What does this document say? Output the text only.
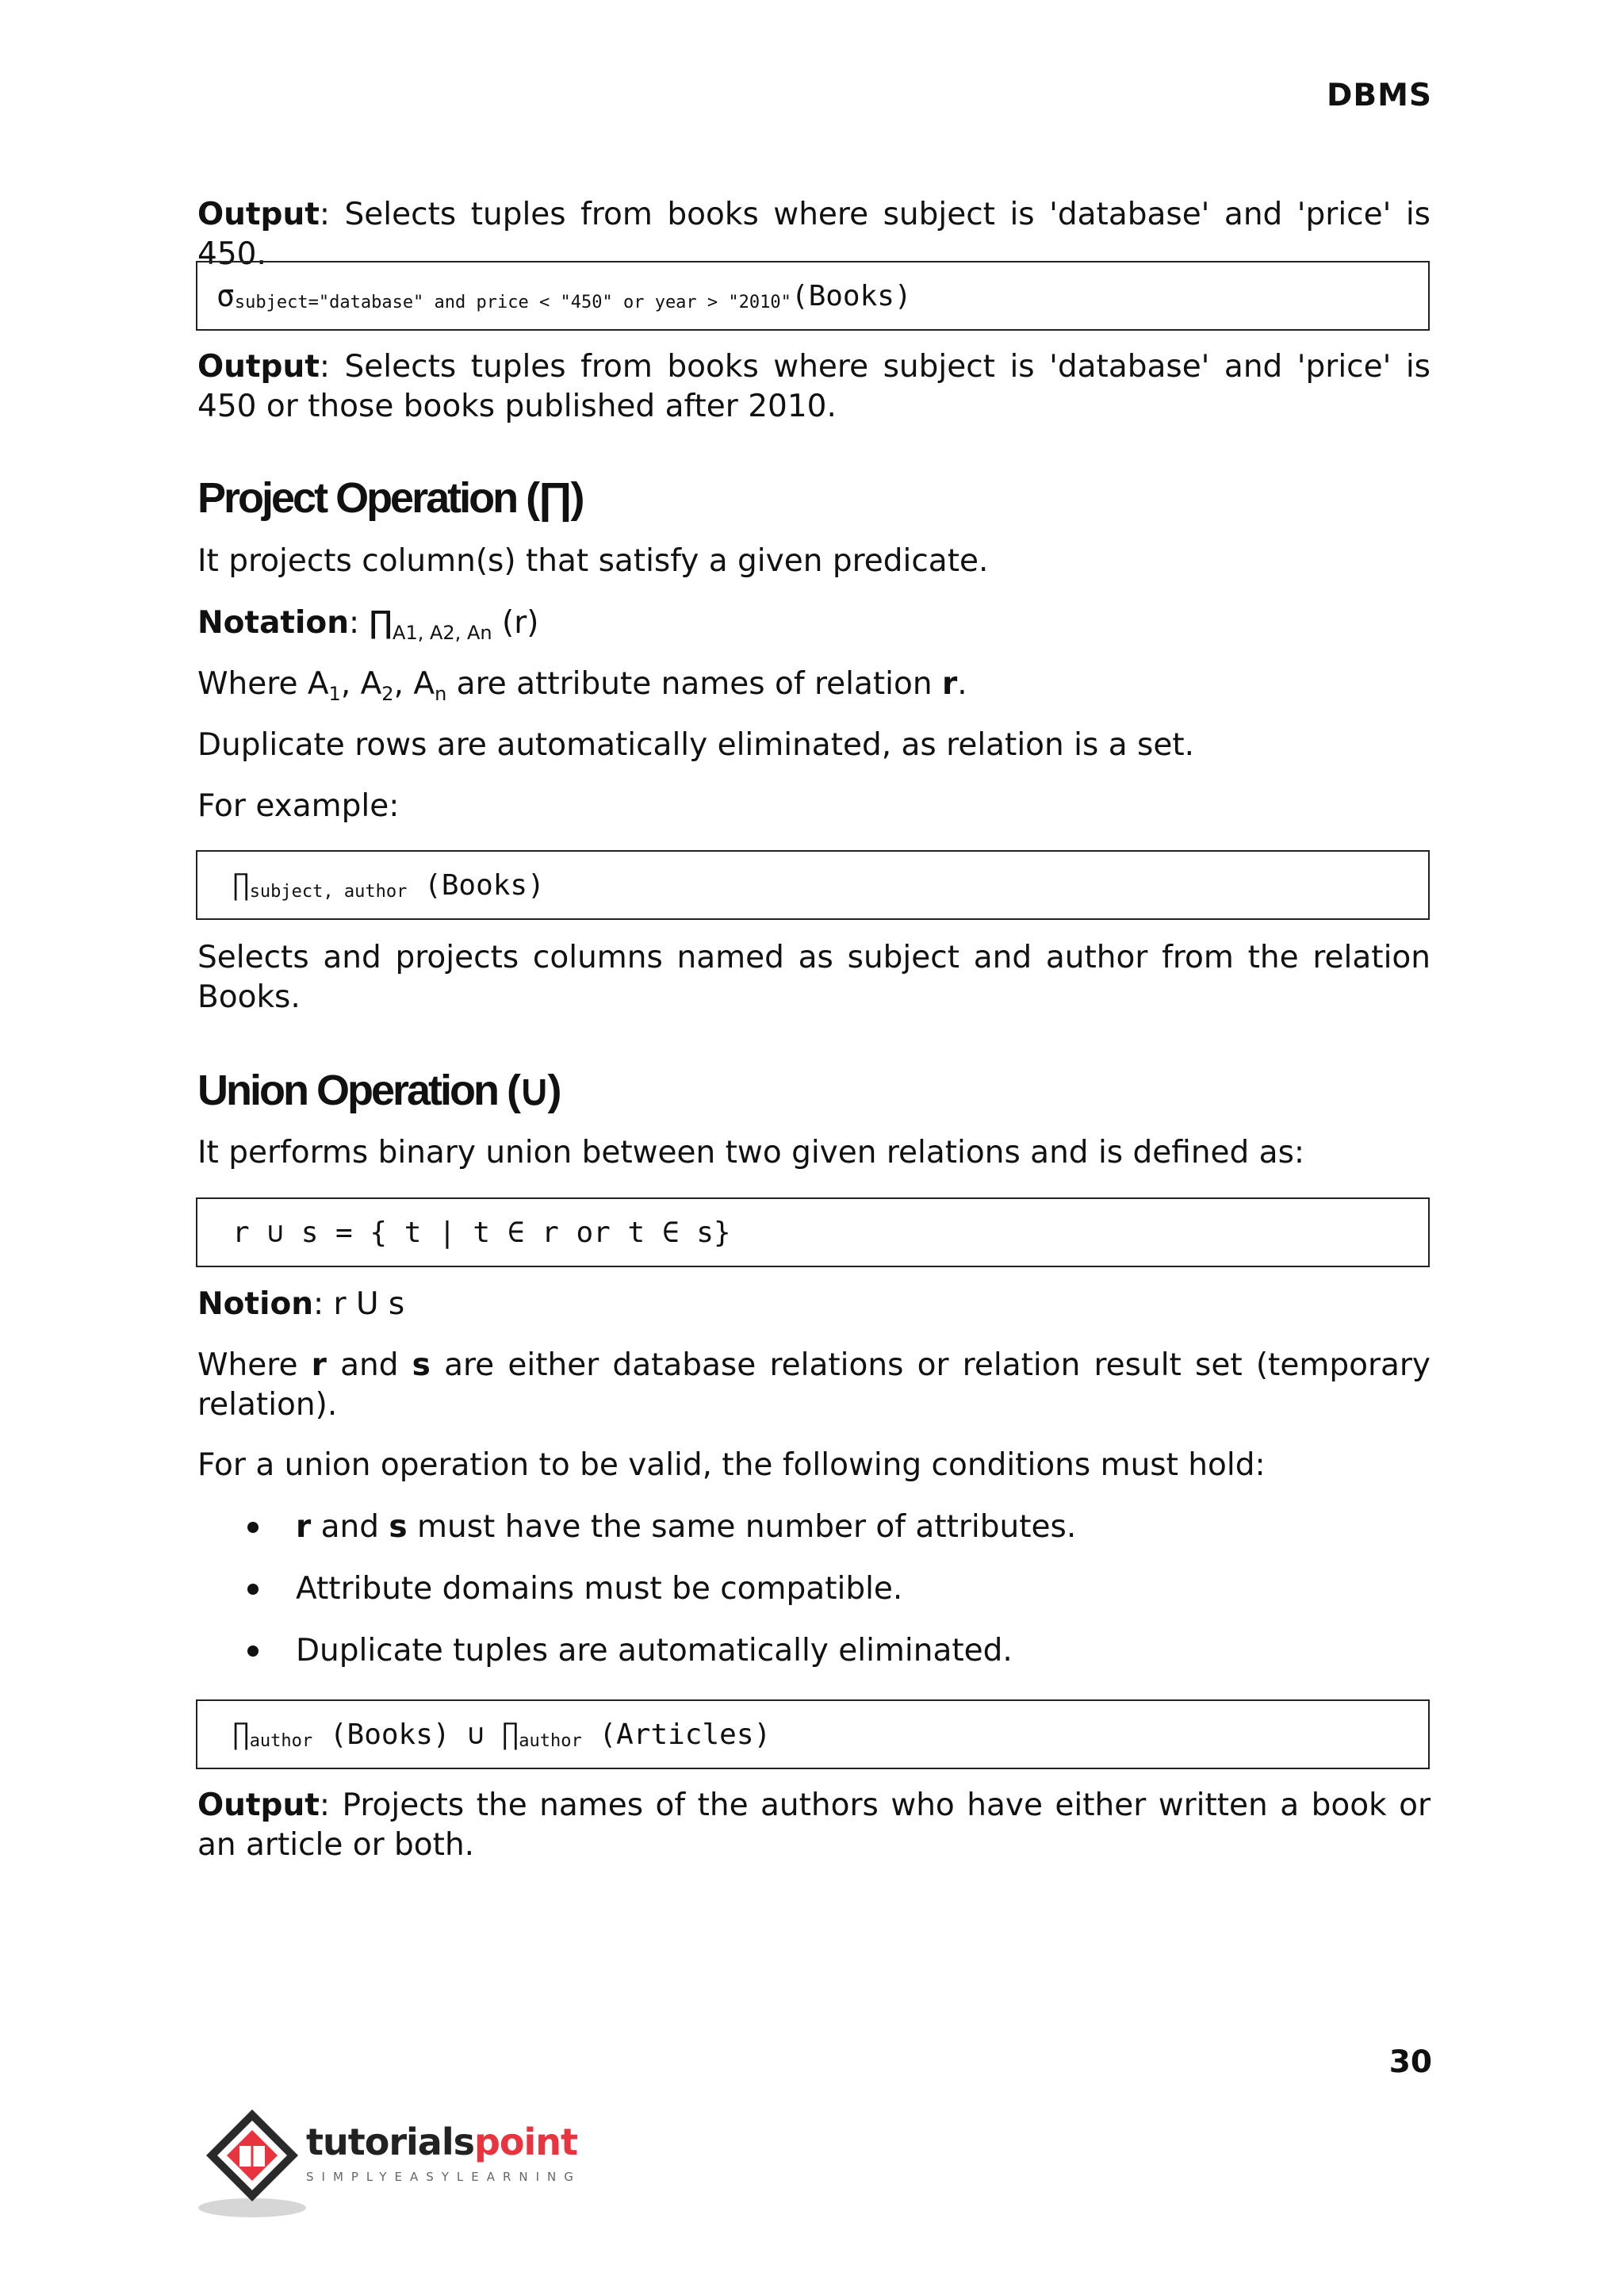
DBMS

Output: Selects tuples from books where subject is 'database' and 'price' is 450.

σ subject="database" and price < "450" or year > "2010" (Books)

Output: Selects tuples from books where subject is 'database' and 'price' is 450 or those books published after 2010.

Project Operation (∏)

It projects column(s) that satisfy a given predicate.

Notation: $\prod_{A1, A2, An}$ (r)

Where $A_1$, $A_2$, $A_n$ are attribute names of relation r.

Duplicate rows are automatically eliminated, as relation is a set.

For example:

∏ subject, author (Books)

Selects and projects columns named as subject and author from the relation Books.

Union Operation (∪)

It performs binary union between two given relations and is defined as:

r ∪ s = { t | t ∈ r or t ∈ s}

Notion: r U s

Where r and s are either database relations or relation result set (temporary relation).

For a union operation to be valid, the following conditions must hold:

r and s must have the same number of attributes.
Attribute domains must be compatible.
Duplicate tuples are automatically eliminated.
∏ author (Books) ∪ ∏ author (Articles)

Output: Projects the names of the authors who have either written a book or an article or both.

30
tutorialspoint
SIMPLYEASYLEARNING
